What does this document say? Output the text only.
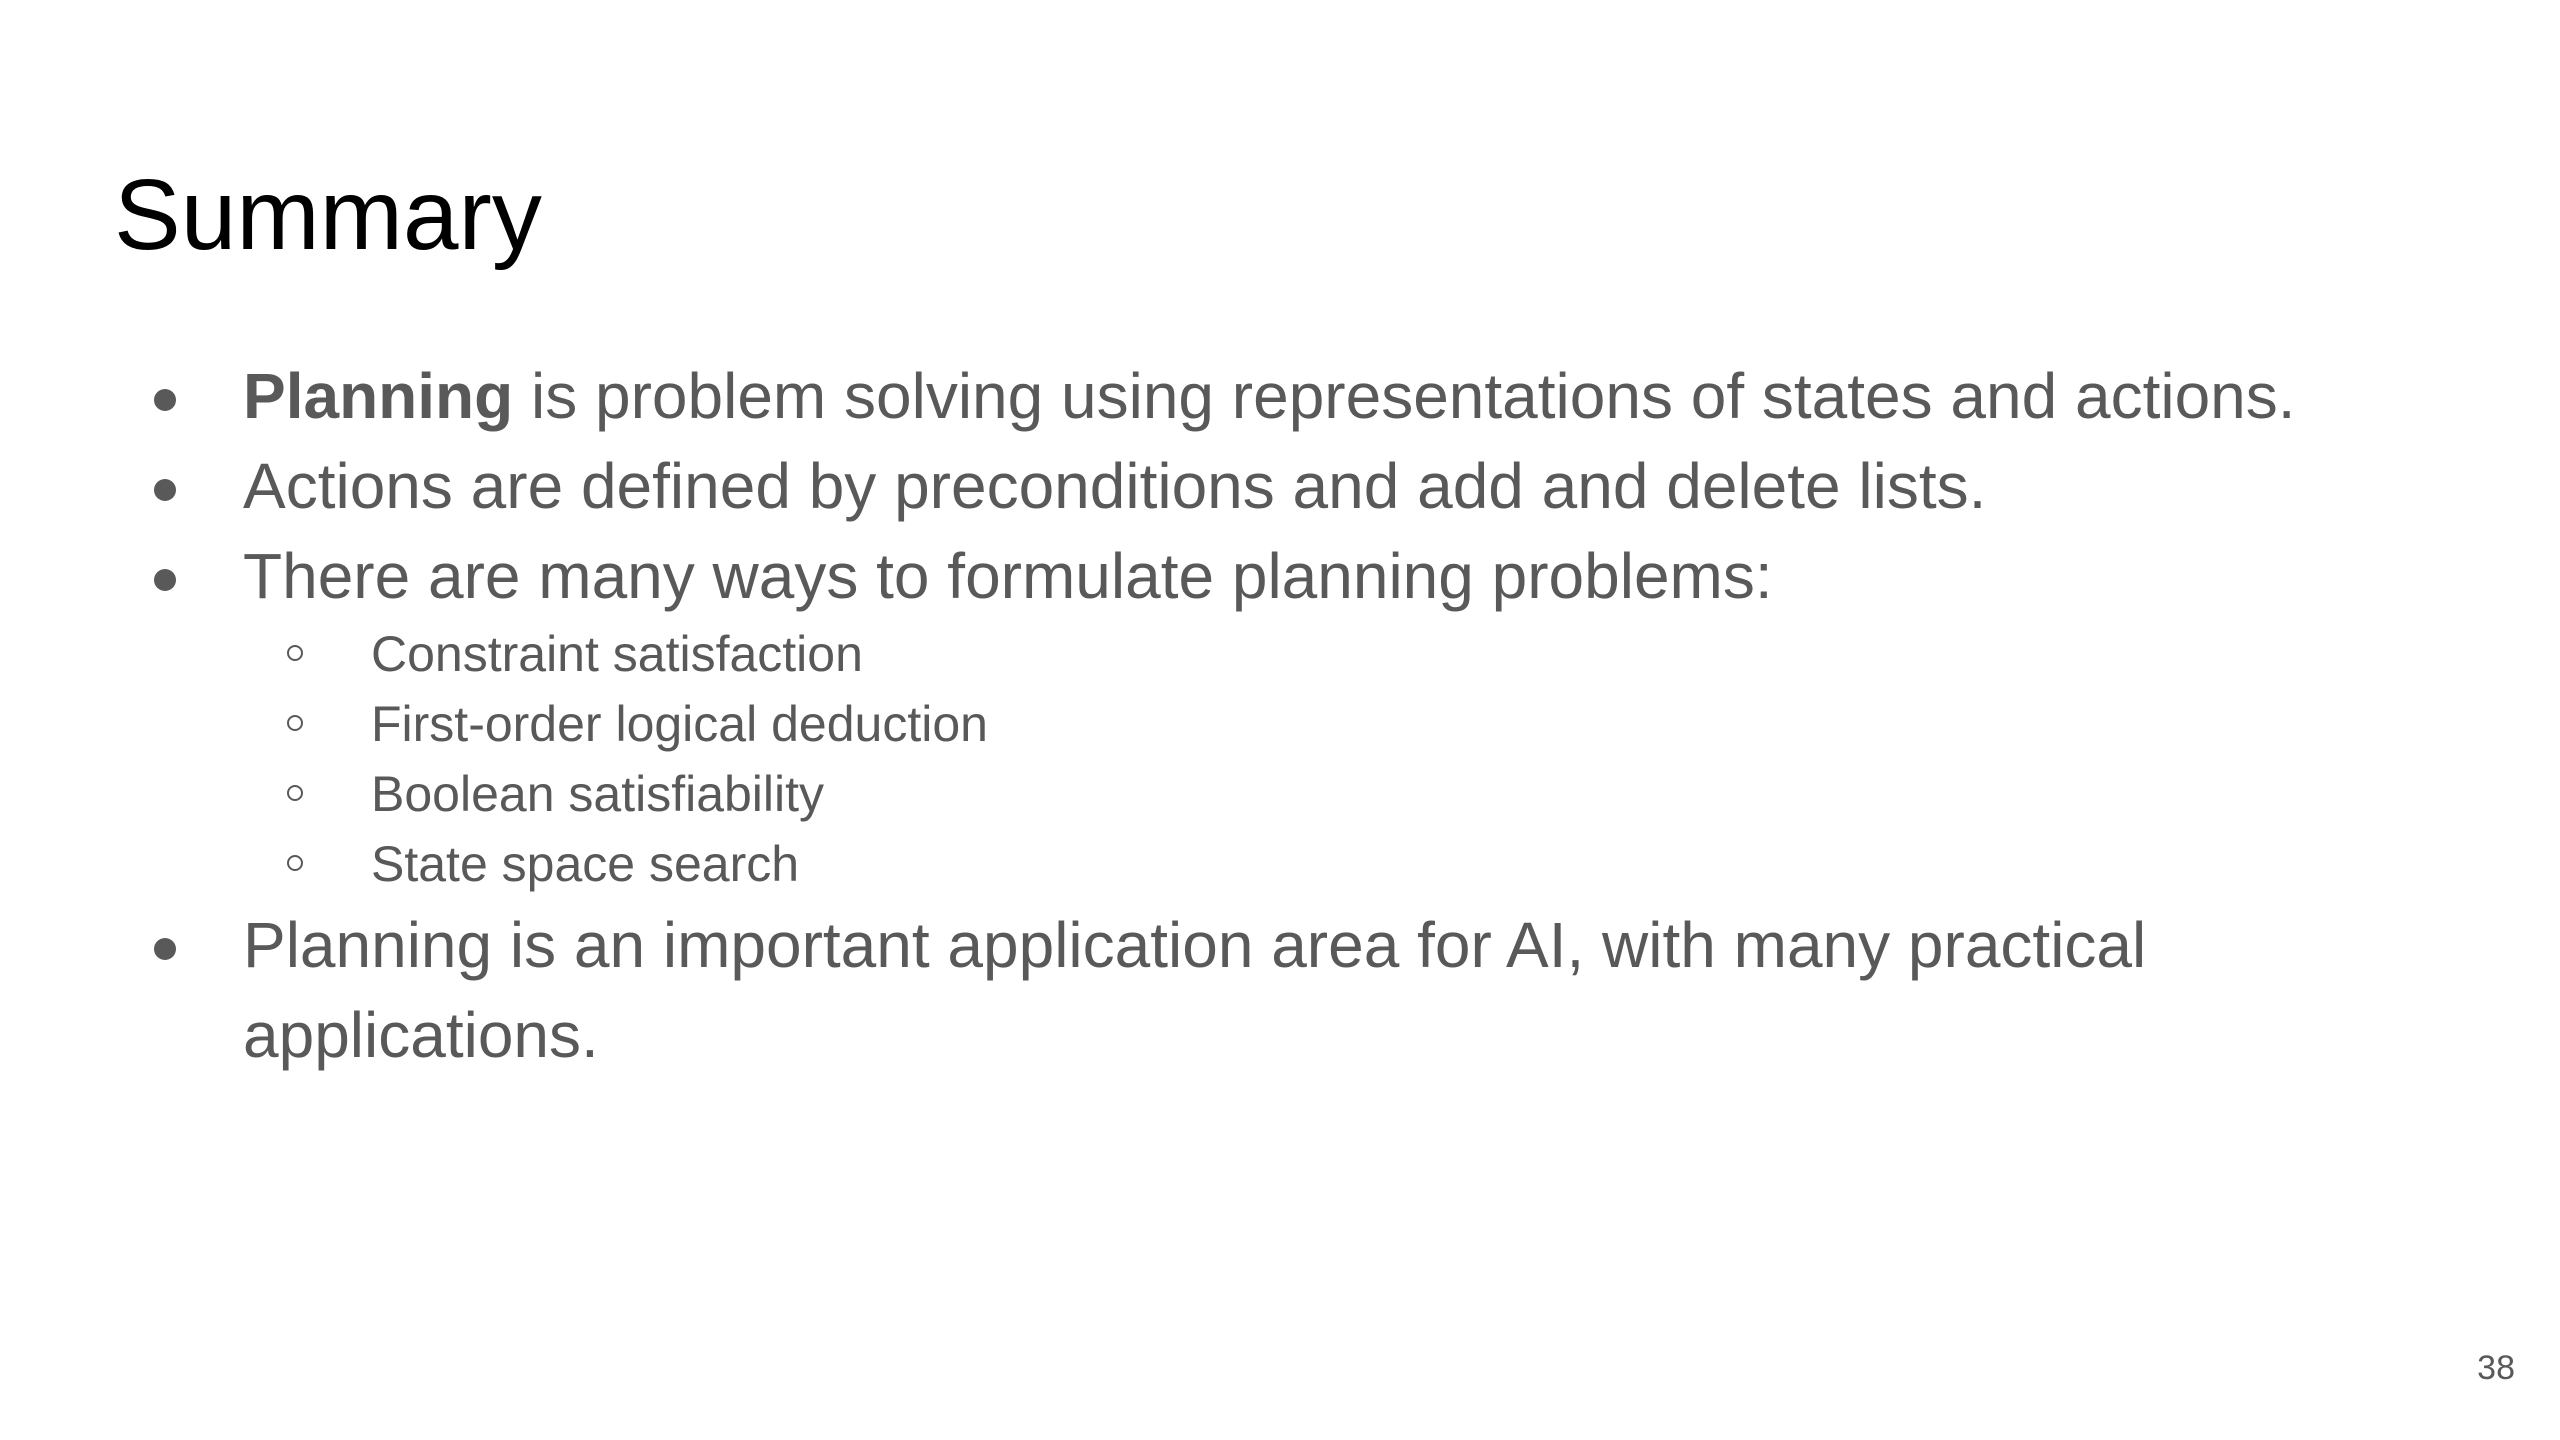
Summary
Planning is problem solving using representations of states and actions.
Actions are defined by preconditions and add and delete lists.
There are many ways to formulate planning problems:
Constraint satisfaction
First-order logical deduction
Boolean satisfiability
State space search
Planning is an important application area for AI, with many practical
applications.
38
